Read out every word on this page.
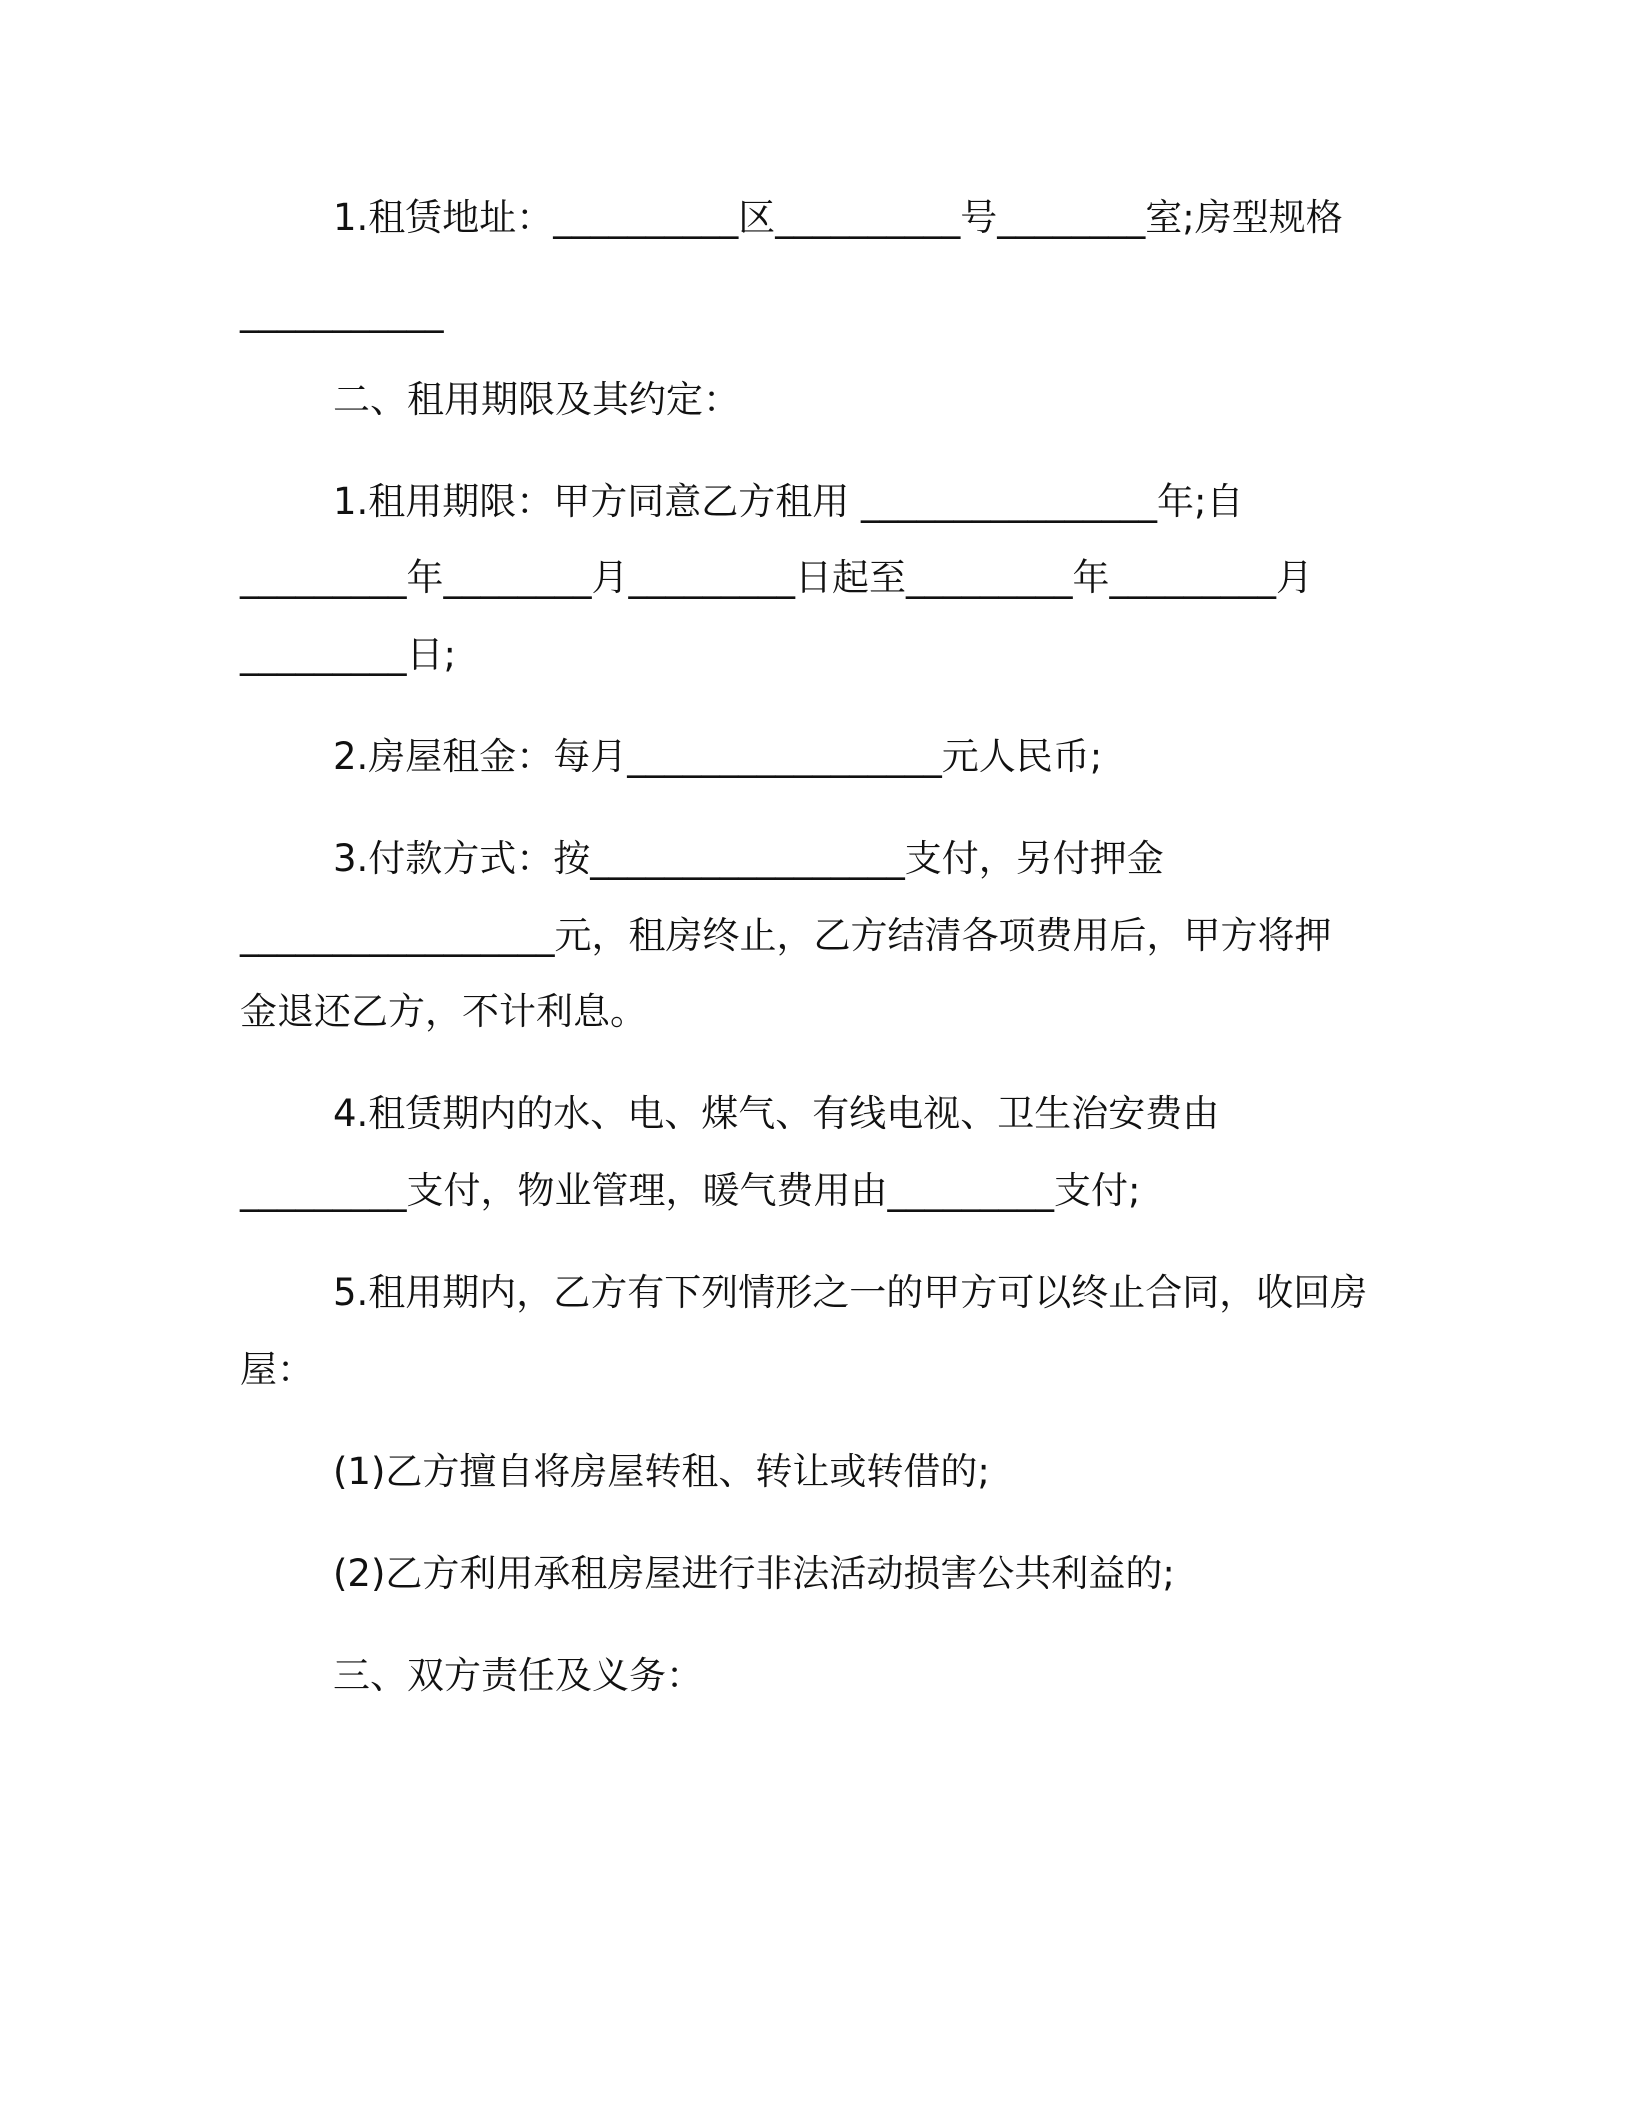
1.租赁地址：__________区__________号________室;房型规格
___________
二、租用期限及其约定：
1.租用期限：甲方同意乙方租用 ________________年;自
_________年________月_________日起至_________年_________月
_________日;
2.房屋租金：每月_________________元人民币;
3.付款方式：按_________________支付，另付押金
_________________元，租房终止，乙方结清各项费用后，甲方将押
金退还乙方，不计利息。
4.租赁期内的水、电、煤气、有线电视、卫生治安费由
_________支付，物业管理，暖气费用由_________支付;
5.租用期内，乙方有下列情形之一的甲方可以终止合同，收回房
屋：
(1)乙方擅自将房屋转租、转让或转借的;
(2)乙方利用承租房屋进行非法活动损害公共利益的;
三、双方责任及义务：
